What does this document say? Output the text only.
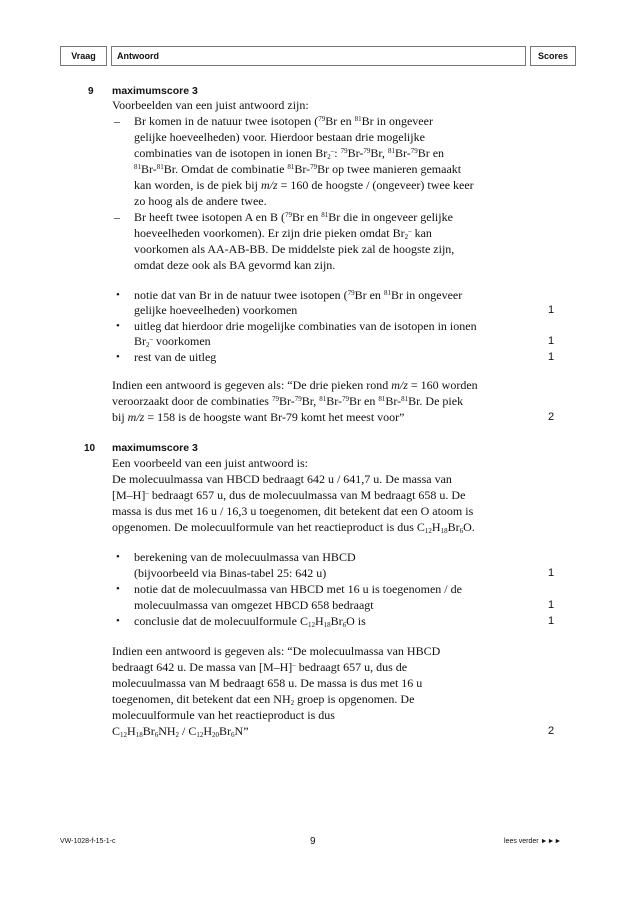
Vraag	Antwoord	Scores
9 maximumscore 3
Voorbeelden van een juist antwoord zijn:
– Br komen in de natuur twee isotopen ($^{79}$Br en $^{81}$Br in ongeveer
gelijke hoeveelheden) voor. Hierdoor bestaan drie mogelijke
combinaties van de isotopen in ionen $Br_2^-$: $^{79}$Br-$^{79}$Br, $^{81}$Br-$^{79}$Br en
$^{81}$Br-$^{81}$Br. Omdat de combinatie $^{81}$Br-$^{79}$Br op twee manieren gemaakt
kan worden, is de piek bij m/z = 160 de hoogste / (ongeveer) twee keer
zo hoog als de andere twee.
– Br heeft twee isotopen A en B ($^{79}$Br en $^{81}$Br die in ongeveer gelijke
hoeveelheden voorkomen). Er zijn drie pieken omdat $Br_2^-$ kan
voorkomen als AA-AB-BB. De middelste piek zal de hoogste zijn,
omdat deze ook als BA gevormd kan zijn.
• notie dat van Br in de natuur twee isotopen ($^{79}$Br en $^{81}$Br in ongeveer
gelijke hoeveelheden) voorkomen	1
• uitleg dat hierdoor drie mogelijke combinaties van de isotopen in ionen
$Br_2^-$ voorkomen	1
• rest van de uitleg	1
Indien een antwoord is gegeven als: “De drie pieken rond m/z = 160 worden
veroorzaakt door de combinaties $^{79}$Br-$^{79}$Br, $^{81}$Br-$^{79}$Br en $^{81}$Br-$^{81}$Br. De piek
bij m/z = 158 is de hoogste want Br-79 komt het meest voor”	2
10 maximumscore 3
Een voorbeeld van een juist antwoord is:
De molecuulmassa van HBCD bedraagt 642 u / 641,7 u. De massa van
[M–H]– bedraagt 657 u, dus de molecuulmassa van M bedraagt 658 u. De
massa is dus met 16 u / 16,3 u toegenomen, dit betekent dat een O atoom is
opgenomen. De molecuulformule van het reactieproduct is dus $C_{12}H_{18}Br_6O$.
• berekening van de molecuulmassa van HBCD
(bijvoorbeeld via Binas-tabel 25: 642 u)	1
• notie dat de molecuulmassa van HBCD met 16 u is toegenomen / de
molecuulmassa van omgezet HBCD 658 bedraagt	1
• conclusie dat de molecuulformule $C_{12}H_{18}Br_6O$ is	1
Indien een antwoord is gegeven als: “De molecuulmassa van HBCD
bedraagt 642 u. De massa van [M–H]– bedraagt 657 u, dus de
molecuulmassa van M bedraagt 658 u. De massa is dus met 16 u
toegenomen, dit betekent dat een $NH_2$ groep is opgenomen. De
molecuulformule van het reactieproduct is dus
$C_{12}H_{18}Br_6NH_2 / C_{12}H_{20}Br_6N$”	2
VW-1028-f-15-1-c	9	lees verder ►►►
